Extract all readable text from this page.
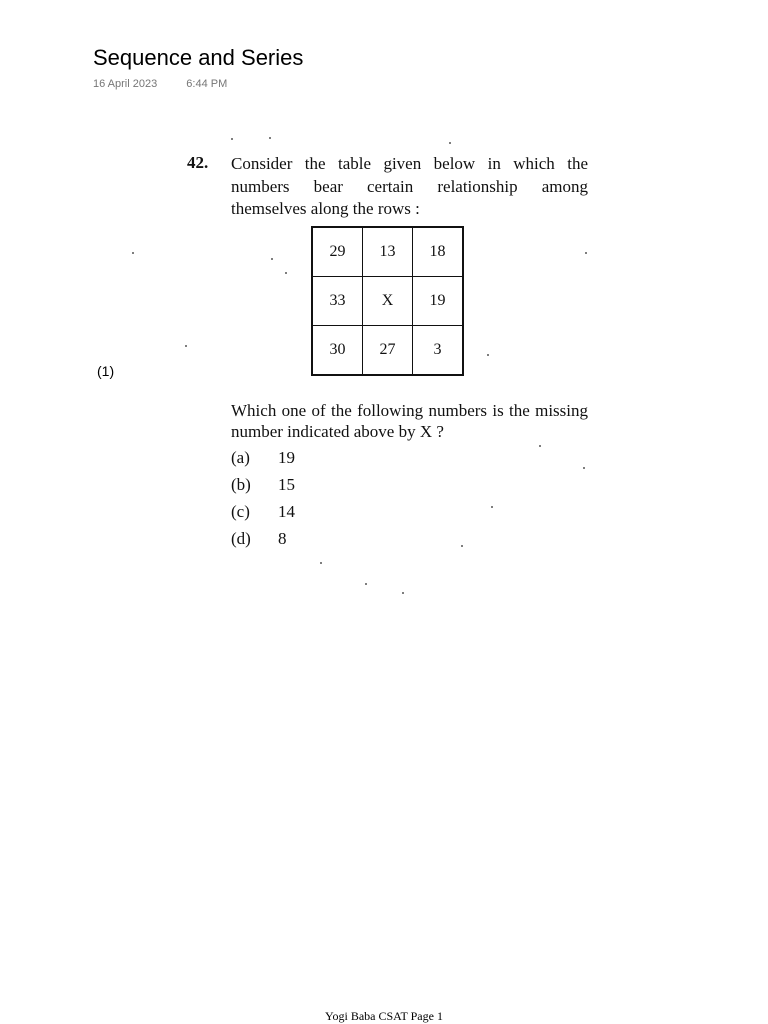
Sequence and Series
16 April 2023	6:44 PM
(1)
42. Consider the table given below in which the numbers bear certain relationship among themselves along the rows :

29	13	18
33	X	19
30	27	3

Which one of the following numbers is the missing number indicated above by X ?

(a) 19
(b) 15
(c) 14
(d) 8
Yogi Baba CSAT Page 1
